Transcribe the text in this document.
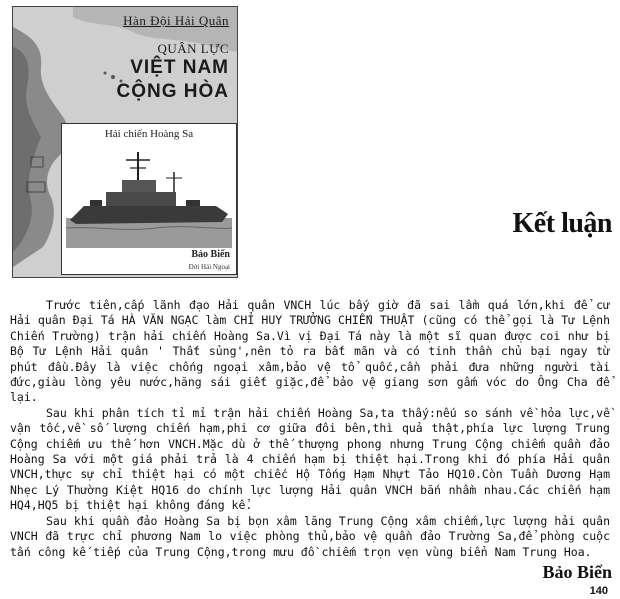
Hàn Đội Hải Quân
QUÂN LỰC
VIỆT NAM
CỘNG HÒA
Hải chiến Hoàng Sa
Bảo Biển
Đời Hải Ngoại
Kết luận

Trước tiên,cấp lãnh đạo Hải quân VNCH lúc bấy giờ đã sai lầm quá lớn,khi để cư Hải quân Đại Tá HÀ VĂN NGẠC làm CHỈ HUY TRƯỞNG CHIẾN THUẬT (cũng có thể gọi là Tư Lệnh Chiến Trường) trận hải chiến Hoàng Sa.Vì vị Đại Tá này là một sĩ quan được coi như bị Bộ Tư Lệnh Hải quân ' Thất sủng',nên tỏ ra bất mãn và có tinh thần chủ bại ngay từ phút đầu.Đây là việc chống ngoại xâm,bảo vệ tổ quốc,cần phải đưa những người tài đức,giàu lòng yêu nước,hăng sái giết giặc,để bảo vệ giang sơn gấm vóc do Ông Cha để lại.

Sau khi phân tích tỉ mỉ trận hải chiến Hoàng Sa,ta thấy:nếu so sánh về hỏa lực,về vận tốc,về số lượng chiến hạm,phi cơ giữa đôi bên,thì quả thật,phía lực lượng Trung Cộng chiếm ưu thế hơn VNCH.Mặc dù ở thế thượng phong nhưng Trung Cộng chiếm quần đảo Hoàng Sa với một giá phải trả là 4 chiến hạm bị thiệt hại.Trong khi đó phía Hải quân VNCH,thực sự chỉ thiệt hại có một chiếc Hộ Tống Hạm Nhựt Tảo HQ10.Còn Tuần Dương Hạm Nhẹc Lý Thường Kiệt HQ16 do chính lực lượng Hải quân VNCH bắn nhầm nhau.Các chiến hạm HQ4,HQ5 bị thiệt hại không đáng kể.

Sau khi quần đảo Hoàng Sa bị bọn xâm lăng Trung Cộng xâm chiếm,lực lượng hải quân VNCH đã trực chỉ phương Nam lo việc phòng thủ,bảo vệ quần đảo Trường Sa,để phòng cuộc tấn công kế tiếp của Trung Cộng,trong mưu đồ chiếm trọn vẹn vùng biển Nam Trung Hoa.

Bảo Biển
140
